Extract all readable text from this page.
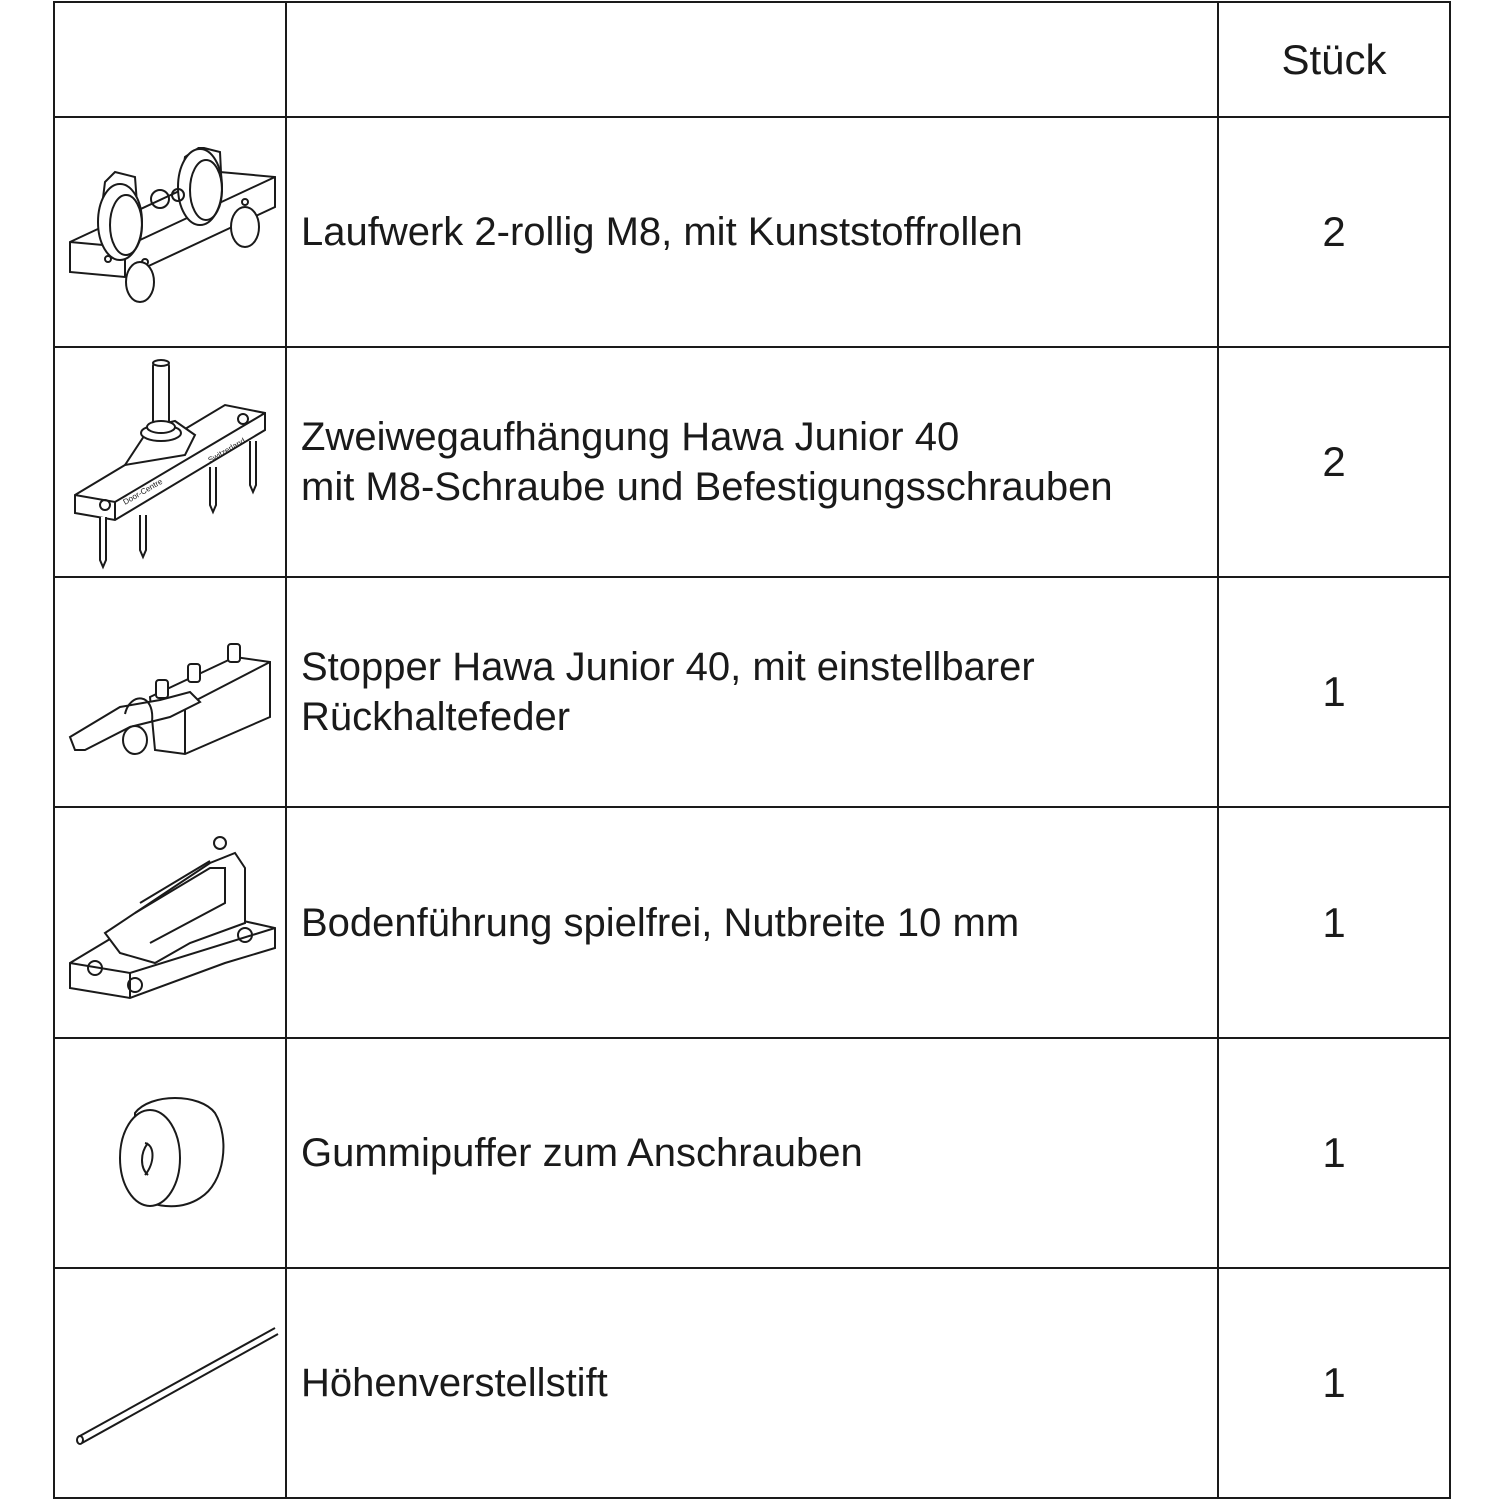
		Stück

	Laufwerk 2-rollig M8, mit Kunststoffrollen	2

Door-Centre
Switzerland	Zweiwegaufhängung Hawa Junior 40
mit M8-Schraube und Befestigungsschrauben	2

	Stopper Hawa Junior 40, mit einstellbarer
Rückhaltefeder	1

	Bodenführung spielfrei, Nutbreite 10 mm	1

	Gummipuffer zum Anschrauben	1

	Höhenverstellstift	1
